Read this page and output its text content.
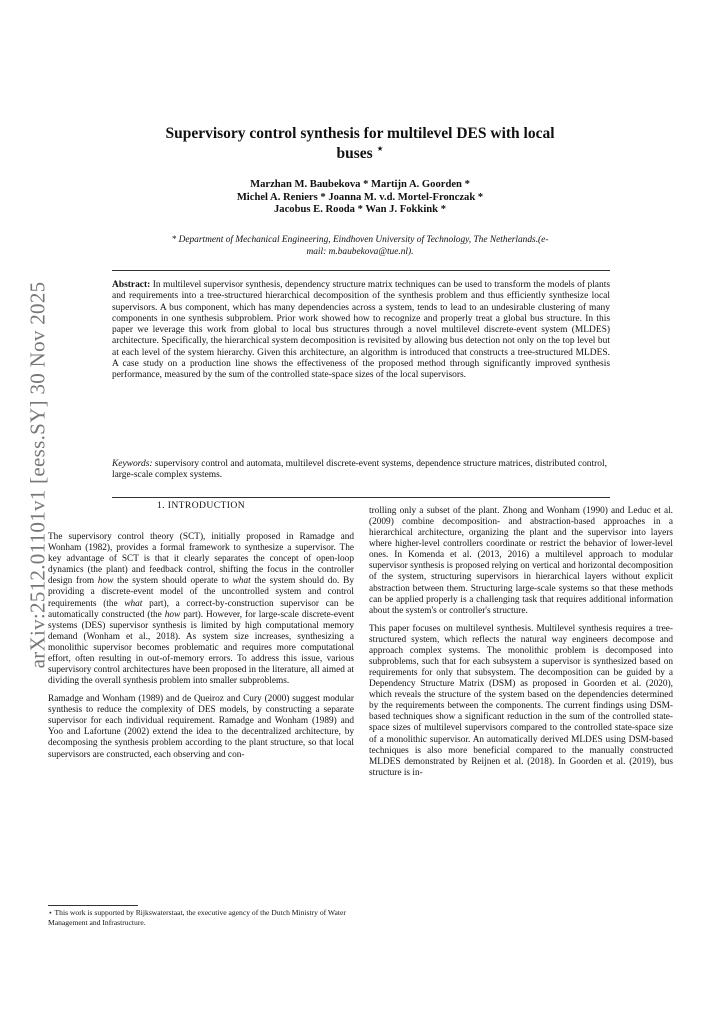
arXiv:2512.01101v1 [eess.SY] 30 Nov 2025
Supervisory control synthesis for multilevel DES with local buses ⋆
Marzhan M. Baubekova * Martijn A. Goorden *
Michel A. Reniers * Joanna M. v.d. Mortel-Fronczak *
Jacobus E. Rooda * Wan J. Fokkink *
* Department of Mechanical Engineering, Eindhoven University of Technology, The Netherlands.(e-mail: m.baubekova@tue.nl).
Abstract: In multilevel supervisor synthesis, dependency structure matrix techniques can be used to transform the models of plants and requirements into a tree-structured hierarchical decomposition of the synthesis problem and thus efficiently synthesize local supervisors. A bus component, which has many dependencies across a system, tends to lead to an undesirable clustering of many components in one synthesis subproblem. Prior work showed how to recognize and properly treat a global bus structure. In this paper we leverage this work from global to local bus structures through a novel multilevel discrete-event system (MLDES) architecture. Specifically, the hierarchical system decomposition is revisited by allowing bus detection not only on the top level but at each level of the system hierarchy. Given this architecture, an algorithm is introduced that constructs a tree-structured MLDES. A case study on a production line shows the effectiveness of the proposed method through significantly improved synthesis performance, measured by the sum of the controlled state-space sizes of the local supervisors.
Keywords: supervisory control and automata, multilevel discrete-event systems, dependence structure matrices, distributed control, large-scale complex systems.
1. INTRODUCTION

The supervisory control theory (SCT), initially proposed in Ramadge and Wonham (1982), provides a formal framework to synthesize a supervisor. The key advantage of SCT is that it clearly separates the concept of open-loop dynamics (the plant) and feedback control, shifting the focus in the controller design from how the system should operate to what the system should do. By providing a discrete-event model of the uncontrolled system and control requirements (the what part), a correct-by-construction supervisor can be automatically constructed (the how part). However, for large-scale discrete-event systems (DES) supervisor synthesis is limited by high computational memory demand (Wonham et al., 2018). As system size increases, synthesizing a monolithic supervisor becomes problematic and requires more computational effort, often resulting in out-of-memory errors. To address this issue, various supervisory control architectures have been proposed in the literature, all aimed at dividing the overall synthesis problem into smaller subproblems.

Ramadge and Wonham (1989) and de Queiroz and Cury (2000) suggest modular synthesis to reduce the complexity of DES models, by constructing a separate supervisor for each individual requirement. Ramadge and Wonham (1989) and Yoo and Lafortune (2002) extend the idea to the decentralized architecture, by decomposing the synthesis problem according to the plant structure, so that local supervisors are constructed, each observing and con-

trolling only a subset of the plant. Zhong and Wonham (1990) and Leduc et al. (2009) combine decomposition- and abstraction-based approaches in a hierarchical architecture, organizing the plant and the supervisor into layers where higher-level controllers coordinate or restrict the behavior of lower-level ones. In Komenda et al. (2013, 2016) a multilevel approach to modular supervisor synthesis is proposed relying on vertical and horizontal decomposition of the system, structuring supervisors in hierarchical layers without explicit abstraction between them. Structuring large-scale systems so that these methods can be applied properly is a challenging task that requires additional information about the system's or controller's structure.

This paper focuses on multilevel synthesis. Multilevel synthesis requires a tree-structured system, which reflects the natural way engineers decompose and approach complex systems. The monolithic problem is decomposed into subproblems, such that for each subsystem a supervisor is synthesized based on requirements for only that subsystem. The decomposition can be guided by a Dependency Structure Matrix (DSM) as proposed in Goorden et al. (2020), which reveals the structure of the system based on the dependencies determined by the requirements between the components. The current findings using DSM-based techniques show a significant reduction in the sum of the controlled state-space sizes of multilevel supervisors compared to the controlled state-space size of a monolithic supervisor. An automatically derived MLDES using DSM-based techniques is also more beneficial compared to the manually constructed MLDES demonstrated by Reijnen et al. (2018). In Goorden et al. (2019), bus structure is in-

⋆ This work is supported by Rijkswaterstaat, the executive agency of the Dutch Ministry of Water Management and Infrastructure.
